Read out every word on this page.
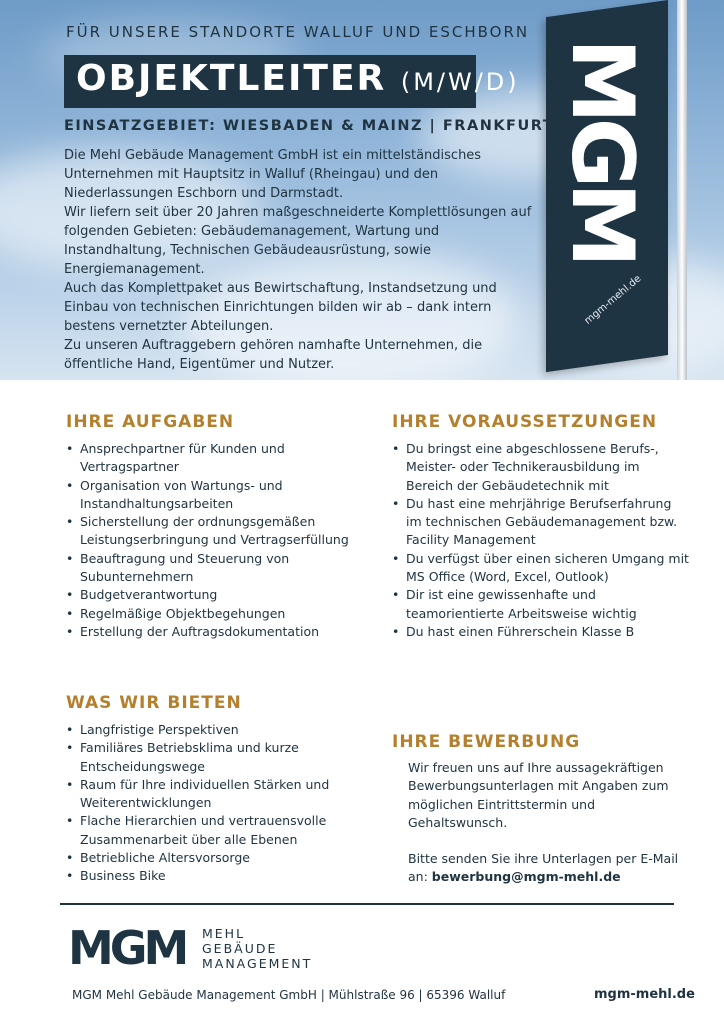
MGM
mgm-mehl.de
FÜR UNSERE STANDORTE WALLUF UND ESCHBORN
OBJEKTLEITER (M/W/D)
EINSATZGEBIET: WIESBADEN & MAINZ | FRANKFURT

Die Mehl Gebäude Management GmbH ist ein mittelständisches Unternehmen mit Hauptsitz in Walluf (Rheingau) und den Niederlassungen Eschborn und Darmstadt.

Wir liefern seit über 20 Jahren maßgeschneiderte Komplettlösungen auf folgenden Gebieten: Gebäudemanagement, Wartung und Instandhaltung, Technischen Gebäudeausrüstung, sowie Energiemanagement.

Auch das Komplettpaket aus Bewirtschaftung, Instandsetzung und Einbau von technischen Einrichtungen bilden wir ab – dank intern bestens vernetzter Abteilungen.

Zu unseren Auftraggebern gehören namhafte Unternehmen, die öffentliche Hand, Eigentümer und Nutzer.

IHRE AUFGABEN
• Ansprechpartner für Kunden und Vertragspartner
• Organisation von Wartungs- und Instandhaltungsarbeiten
• Sicherstellung der ordnungsgemäßen Leistungserbringung und Vertragserfüllung
• Beauftragung und Steuerung von Subunternehmern
• Budgetverantwortung
• Regelmäßige Objektbegehungen
• Erstellung der Auftragsdokumentation
IHRE VORAUSSETZUNGEN
• Du bringst eine abgeschlossene Berufs-, Meister- oder Technikerausbildung im Bereich der Gebäudetechnik mit
• Du hast eine mehrjährige Berufserfahrung im technischen Gebäudemanagement bzw. Facility Management
• Du verfügst über einen sicheren Umgang mit MS Office (Word, Excel, Outlook)
• Dir ist eine gewissenhafte und teamorientierte Arbeitsweise wichtig
• Du hast einen Führerschein Klasse B
WAS WIR BIETEN
• Langfristige Perspektiven
• Familiäres Betriebsklima und kurze Entscheidungswege
• Raum für Ihre individuellen Stärken und Weiterentwicklungen
• Flache Hierarchien und vertrauensvolle Zusammenarbeit über alle Ebenen
• Betriebliche Altersvorsorge
• Business Bike
IHRE BEWERBUNG

Wir freuen uns auf Ihre aussagekräftigen Bewerbungsunterlagen mit Angaben zum möglichen Eintrittstermin und Gehaltswunsch.

Bitte senden Sie ihre Unterlagen per E-Mail an: bewerbung@mgm-mehl.de

MGM MEHL
GEBÄUDE
MANAGEMENT
MGM Mehl Gebäude Management GmbH | Mühlstraße 96 | 65396 Walluf	mgm-mehl.de
